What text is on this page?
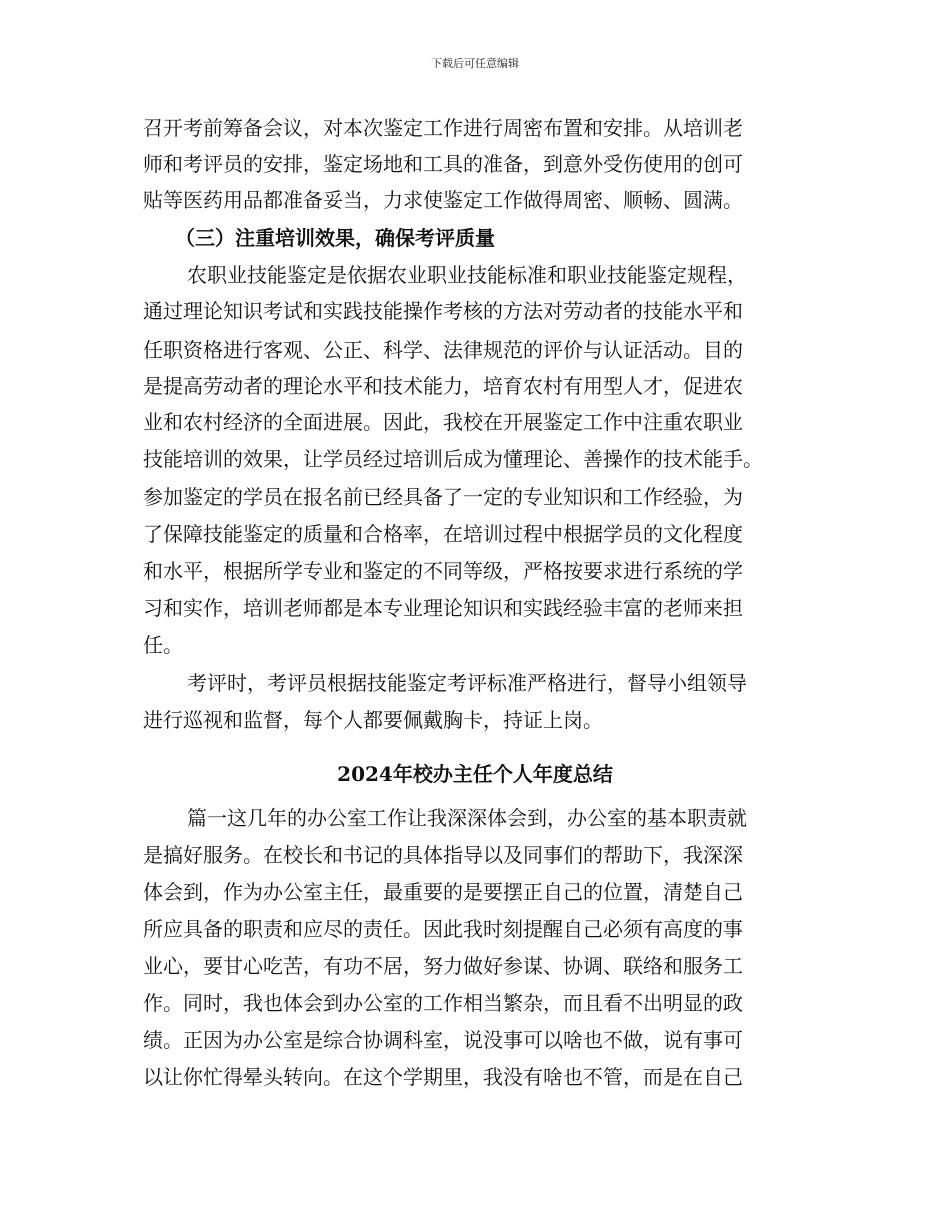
下载后可任意编辑
召开考前筹备会议，对本次鉴定工作进行周密布置和安排。从培训老
师和考评员的安排，鉴定场地和工具的准备，到意外受伤使用的创可
贴等医药用品都准备妥当，力求使鉴定工作做得周密、顺畅、圆满。
（三）注重培训效果，确保考评质量
农职业技能鉴定是依据农业职业技能标准和职业技能鉴定规程，
通过理论知识考试和实践技能操作考核的方法对劳动者的技能水平和
任职资格进行客观、公正、科学、法律规范的评价与认证活动。目的
是提高劳动者的理论水平和技术能力，培育农村有用型人才，促进农
业和农村经济的全面进展。因此，我校在开展鉴定工作中注重农职业
技能培训的效果，让学员经过培训后成为懂理论、善操作的技术能手。
参加鉴定的学员在报名前已经具备了一定的专业知识和工作经验，为
了保障技能鉴定的质量和合格率，在培训过程中根据学员的文化程度
和水平，根据所学专业和鉴定的不同等级，严格按要求进行系统的学
习和实作，培训老师都是本专业理论知识和实践经验丰富的老师来担
任。
考评时，考评员根据技能鉴定考评标准严格进行，督导小组领导
进行巡视和监督，每个人都要佩戴胸卡，持证上岗。
2024年校办主任个人年度总结
篇一这几年的办公室工作让我深深体会到，办公室的基本职责就
是搞好服务。在校长和书记的具体指导以及同事们的帮助下，我深深
体会到，作为办公室主任，最重要的是要摆正自己的位置，清楚自己
所应具备的职责和应尽的责任。因此我时刻提醒自己必须有高度的事
业心，要甘心吃苦，有功不居，努力做好参谋、协调、联络和服务工
作。同时，我也体会到办公室的工作相当繁杂，而且看不出明显的政
绩。正因为办公室是综合协调科室，说没事可以啥也不做，说有事可
以让你忙得晕头转向。在这个学期里，我没有啥也不管，而是在自己
